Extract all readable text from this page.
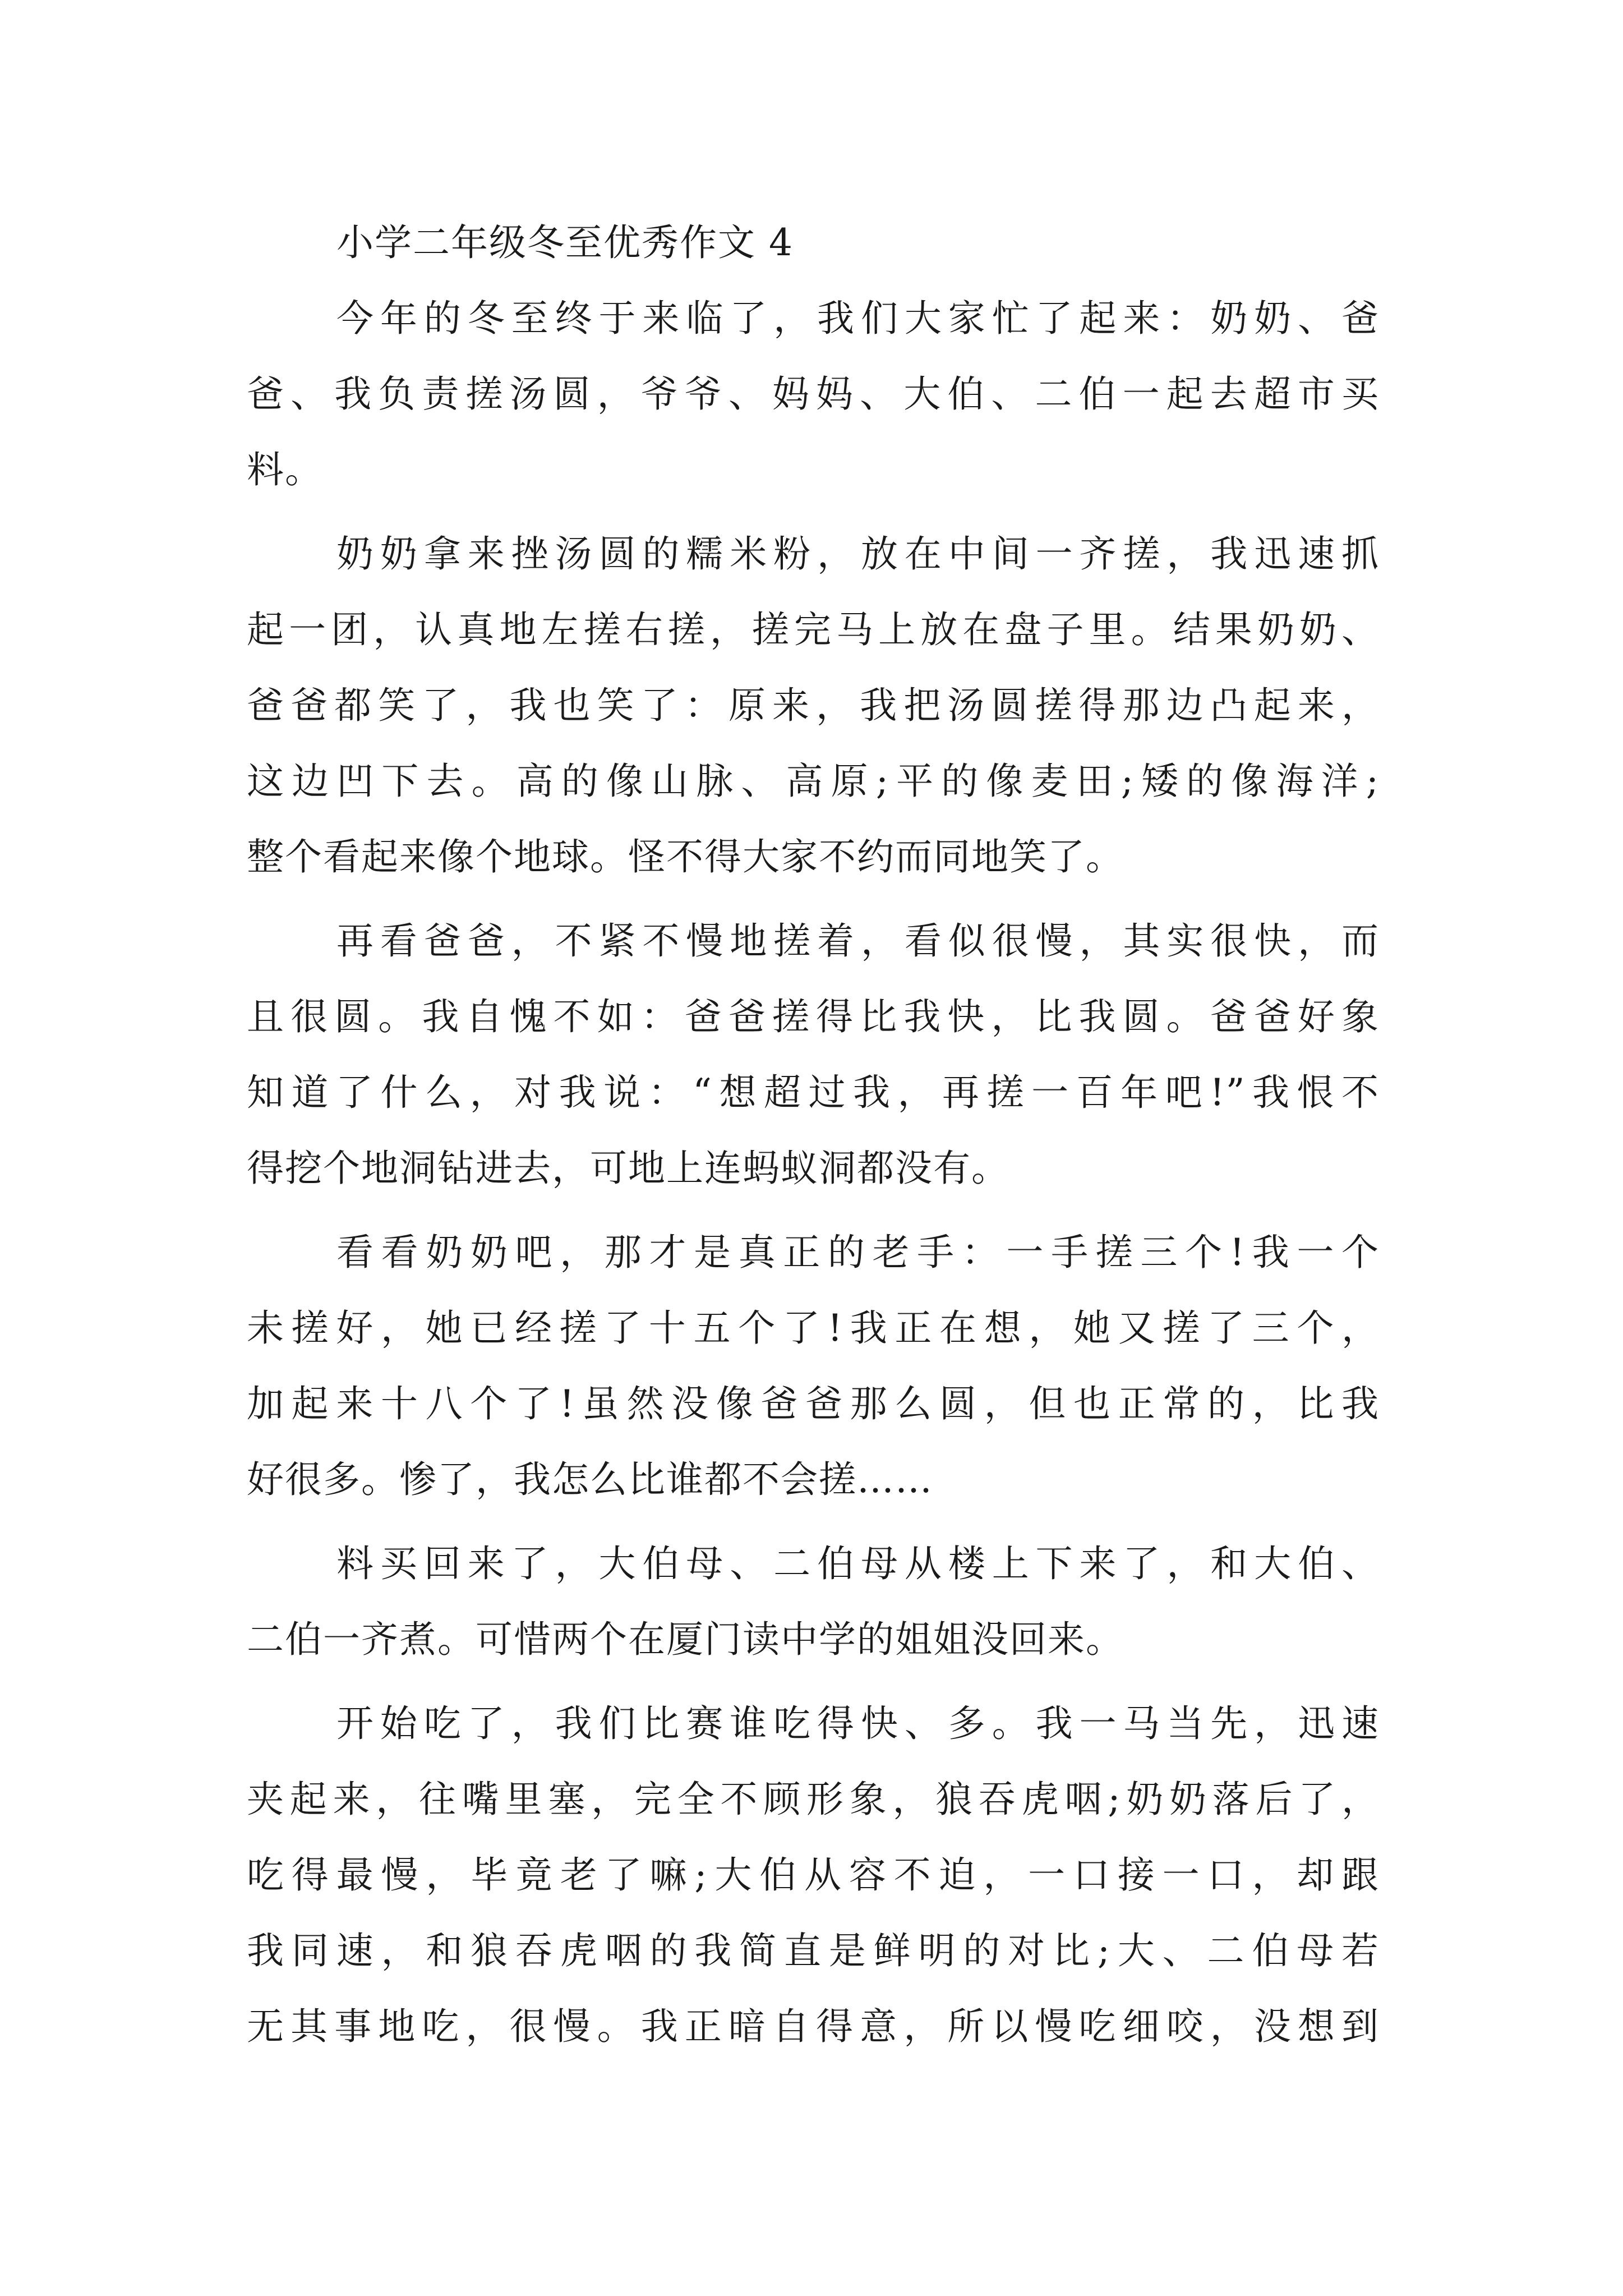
小学二年级冬至优秀作文 4

今年的冬至终于来临了，我们大家忙了起来：奶奶、爸

爸、我负责搓汤圆，爷爷、妈妈、大伯、二伯一起去超市买

料。

奶奶拿来挫汤圆的糯米粉，放在中间一齐搓，我迅速抓

起一团，认真地左搓右搓，搓完马上放在盘子里。结果奶奶、

爸爸都笑了，我也笑了：原来，我把汤圆搓得那边凸起来，

这边凹下去。高的像山脉、高原;平的像麦田;矮的像海洋;

整个看起来像个地球。怪不得大家不约而同地笑了。

再看爸爸，不紧不慢地搓着，看似很慢，其实很快，而

且很圆。我自愧不如：爸爸搓得比我快，比我圆。爸爸好象

知道了什么，对我说：“想超过我，再搓一百年吧!”我恨不

得挖个地洞钻进去，可地上连蚂蚁洞都没有。

看看奶奶吧，那才是真正的老手：一手搓三个!我一个

未搓好，她已经搓了十五个了!我正在想，她又搓了三个，

加起来十八个了!虽然没像爸爸那么圆，但也正常的，比我

好很多。惨了，我怎么比谁都不会搓……

料买回来了，大伯母、二伯母从楼上下来了，和大伯、

二伯一齐煮。可惜两个在厦门读中学的姐姐没回来。

开始吃了，我们比赛谁吃得快、多。我一马当先，迅速

夹起来，往嘴里塞，完全不顾形象，狼吞虎咽;奶奶落后了，

吃得最慢，毕竟老了嘛;大伯从容不迫，一口接一口，却跟

我同速，和狼吞虎咽的我简直是鲜明的对比;大、二伯母若

无其事地吃，很慢。我正暗自得意，所以慢吃细咬，没想到
